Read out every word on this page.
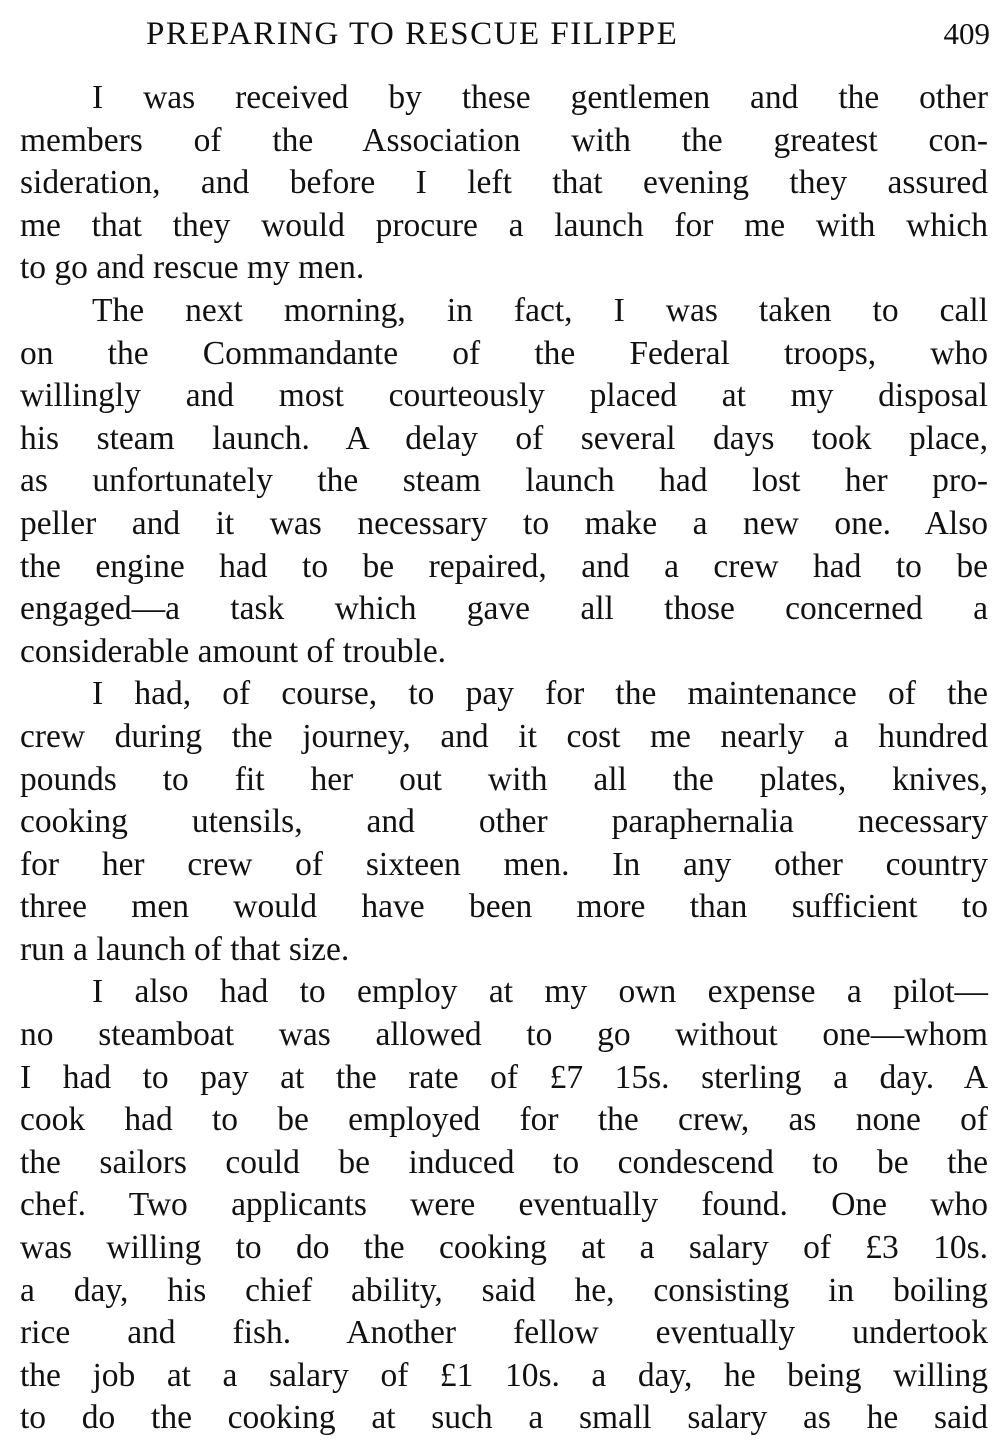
PREPARING TO RESCUE FILIPPE	409
I was received by these gentlemen and the other
members of the Association with the greatest con-
sideration, and before I left that evening they assured
me that they would procure a launch for me with which
to go and rescue my men.
The next morning, in fact, I was taken to call
on the Commandante of the Federal troops, who
willingly and most courteously placed at my disposal
his steam launch. A delay of several days took place,
as unfortunately the steam launch had lost her pro-
peller and it was necessary to make a new one. Also
the engine had to be repaired, and a crew had to be
engaged—a task which gave all those concerned a
considerable amount of trouble.
I had, of course, to pay for the maintenance of the
crew during the journey, and it cost me nearly a hundred
pounds to fit her out with all the plates, knives,
cooking utensils, and other paraphernalia necessary
for her crew of sixteen men. In any other country
three men would have been more than sufficient to
run a launch of that size.
I also had to employ at my own expense a pilot—
no steamboat was allowed to go without one—whom
I had to pay at the rate of £7 15s. sterling a day. A
cook had to be employed for the crew, as none of
the sailors could be induced to condescend to be the
chef. Two applicants were eventually found. One who
was willing to do the cooking at a salary of £3 10s.
a day, his chief ability, said he, consisting in boiling
rice and fish. Another fellow eventually undertook
the job at a salary of £1 10s. a day, he being willing
to do the cooking at such a small salary as he said
